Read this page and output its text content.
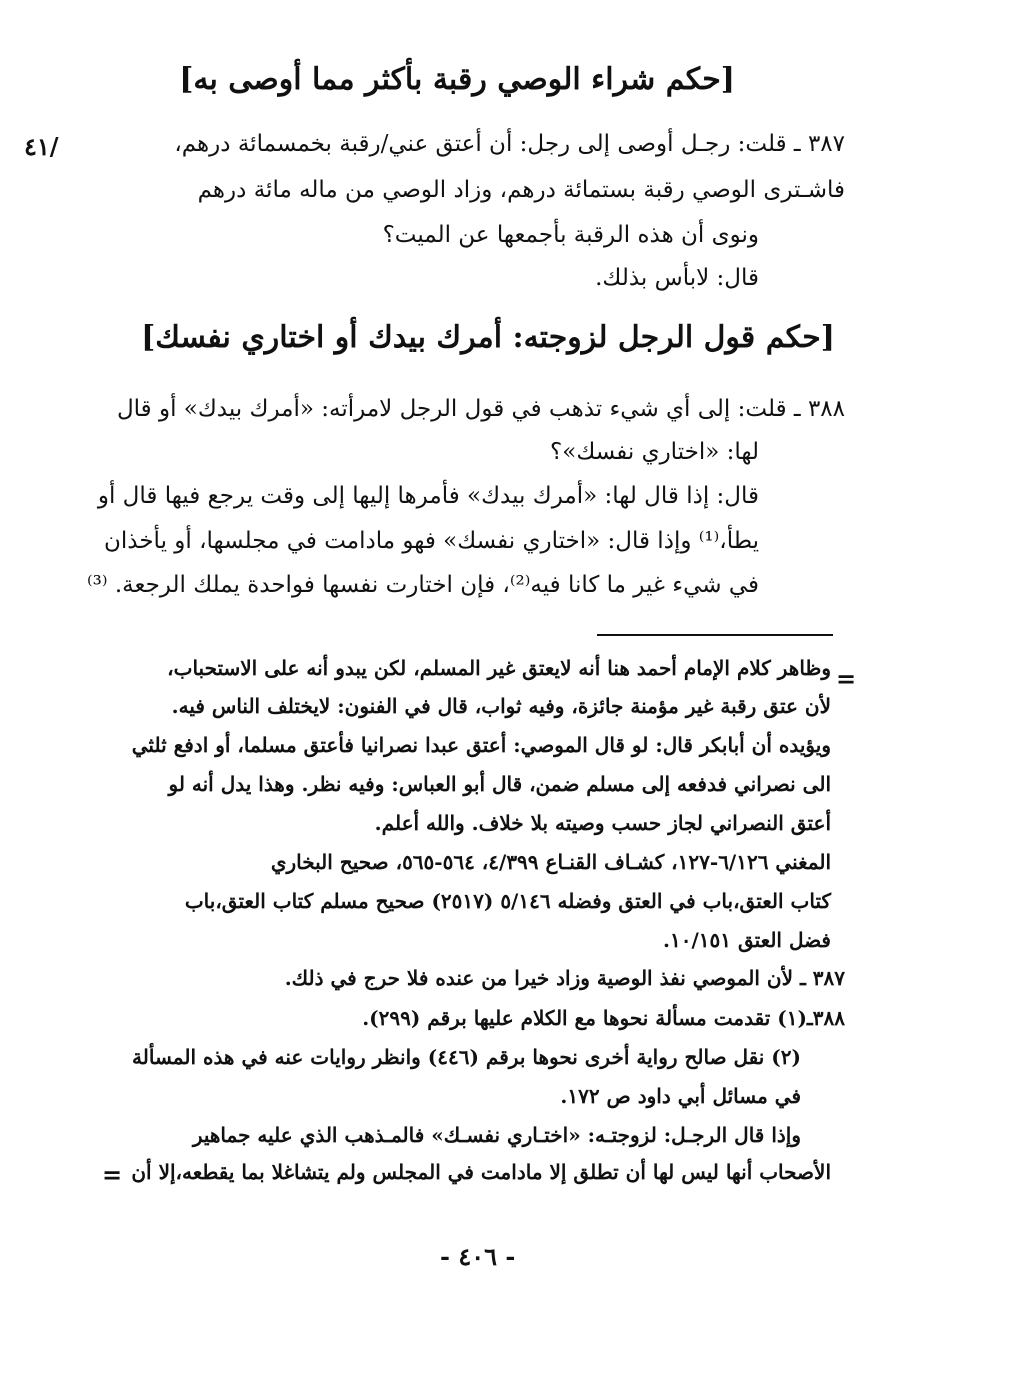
٤١/
[حكم شراء الوصي رقبة بأكثر مما أوصى به]
٣٨٧ ـ قلت: رجـل أوصى إلى رجل: أن أعتق عني/رقبة بخمسمائة درهم،
فاشـترى الوصي رقبة بستمائة درهم، وزاد الوصي من ماله مائة درهم
ونوى أن هذه الرقبة بأجمعها عن الميت؟
قال: لابأس بذلك.
[حكم قول الرجل لزوجته: أمرك بيدك أو اختاري نفسك]
٣٨٨ ـ قلت: إلى أي شيء تذهب في قول الرجل لامرأته: «أمرك بيدك» أو قال
لها: «اختاري نفسك»؟
قال: إذا قال لها: «أمرك بيدك» فأمرها إليها إلى وقت يرجع فيها قال أو
يطأ،⁽¹⁾ وإذا قال: «اختاري نفسك» فهو مادامت في مجلسها، أو يأخذان
في شيء غير ما كانا فيه⁽²⁾، فإن اختارت نفسها فواحدة يملك الرجعة. ⁽³⁾
=
وظاهر كلام الإمام أحمد هنا أنه لايعتق غير المسلم، لكن يبدو أنه على الاستحباب،
لأن عتق رقبة غير مؤمنة جائزة، وفيه ثواب، قال في الفنون: لايختلف الناس فيه.
ويؤيده أن أبابكر قال: لو قال الموصي: أعتق عبدا نصرانيا فأعتق مسلما، أو ادفع ثلثي
الى نصراني فدفعه إلى مسلم ضمن، قال أبو العباس: وفيه نظر. وهذا يدل أنه لو
أعتق النصراني لجاز حسب وصيته بلا خلاف. والله أعلم.
المغني ٦/١٢٦-١٢٧، كشـاف القنـاع ٤/٣٩٩، ٥٦٤-٥٦٥، صحيح البخاري
كتاب العتق،باب في العتق وفضله ٥/١٤٦ (٢٥١٧) صحيح مسلم كتاب العتق،باب
فضل العتق ١٠/١٥١.
٣٨٧ ـ لأن الموصي نفذ الوصية وزاد خيرا من عنده فلا حرج في ذلك.
٣٨٨ـ(١) تقدمت مسألة نحوها مع الكلام عليها برقم (٢٩٩).
(٢) نقل صالح رواية أخرى نحوها برقم (٤٤٦) وانظر روايات عنه في هذه المسألة
في مسائل أبي داود ص ١٧٢.
وإذا قال الرجـل: لزوجتـه: «اختـاري نفسـك» فالمـذهب الذي عليه جماهير
الأصحاب أنها ليس لها أن تطلق إلا مادامت في المجلس ولم يتشاغلا بما يقطعه،إلا أن
=
- ٤٠٦ -
